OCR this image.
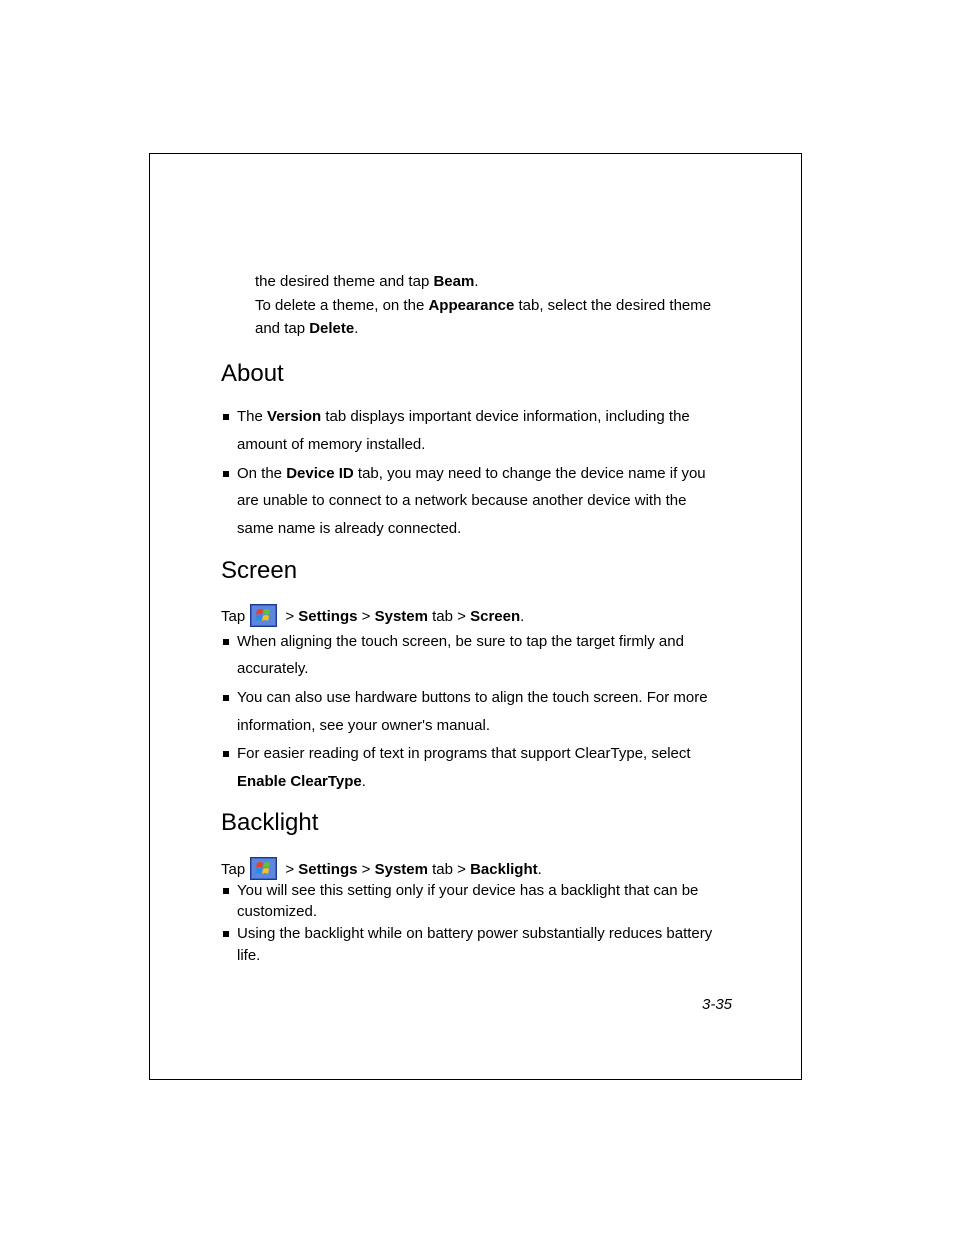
the desired theme and tap Beam.
To delete a theme, on the Appearance tab, select the desired theme
and tap Delete.
About
The Version tab displays important device information, including the
amount of memory installed.
On the Device ID tab, you may need to change the device name if you
are unable to connect to a network because another device with the
same name is already connected.
Screen
Tap > Settings > System tab > Screen.
When aligning the touch screen, be sure to tap the target firmly and
accurately.
You can also use hardware buttons to align the touch screen. For more
information, see your owner's manual.
For easier reading of text in programs that support ClearType, select
Enable ClearType.
Backlight
Tap > Settings > System tab > Backlight.
You will see this setting only if your device has a backlight that can be
customized.
Using the backlight while on battery power substantially reduces battery
life.
3-35
